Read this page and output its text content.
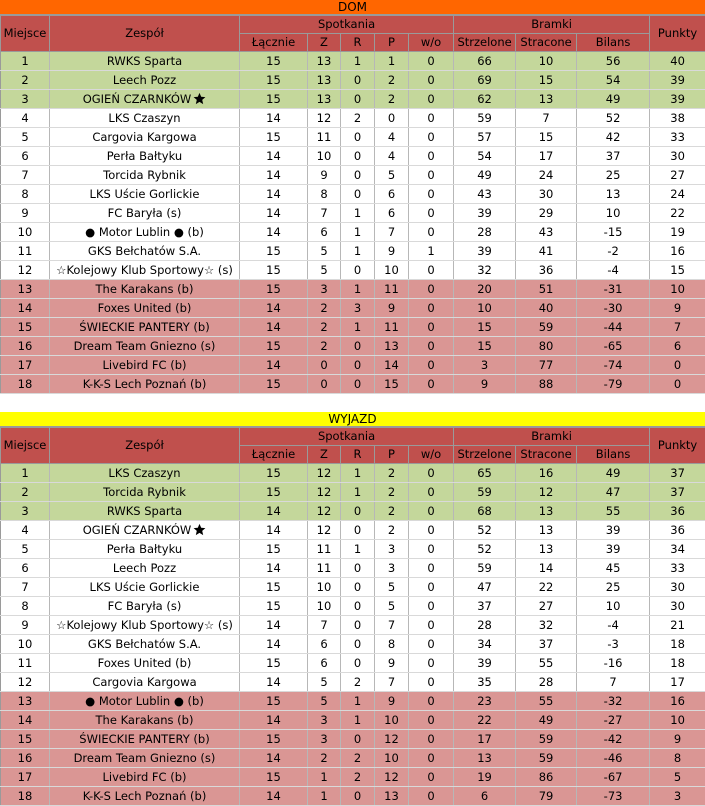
DOM
Miejsce	Zespół	Spotkania					Bramki			Punkty
		Łącznie	Z	R	P	w/o	Strzelone	Stracone	Bilans	
1	RWKS Sparta	15	13	1	1	0	66	10	56	40
2	Leech Pozz	15	13	0	2	0	69	15	54	39
3	OGIEŃ CZARNKÓW	15	13	0	2	0	62	13	49	39
4	LKS Czaszyn	14	12	2	0	0	59	7	52	38
5	Cargovia Kargowa	15	11	0	4	0	57	15	42	33
6	Perła Bałtyku	14	10	0	4	0	54	17	37	30
7	Torcida Rybnik	14	9	0	5	0	49	24	25	27
8	LKS Uście Gorlickie	14	8	0	6	0	43	30	13	24
9	FC Baryła (s)	14	7	1	6	0	39	29	10	22
10	● Motor Lublin ● (b)	14	6	1	7	0	28	43	-15	19
11	GKS Bełchatów S.A.	15	5	1	9	1	39	41	-2	16
12	☆Kolejowy Klub Sportowy☆ (s)	15	5	0	10	0	32	36	-4	15
13	The Karakans (b)	15	3	1	11	0	20	51	-31	10
14	Foxes United (b)	14	2	3	9	0	10	40	-30	9
15	ŚWIECKIE PANTERY (b)	14	2	1	11	0	15	59	-44	7
16	Dream Team Gniezno (s)	15	2	0	13	0	15	80	-65	6
17	Livebird FC (b)	14	0	0	14	0	3	77	-74	0
18	K-K-S Lech Poznań (b)	15	0	0	15	0	9	88	-79	0
WYJAZD
Miejsce	Zespół	Spotkania					Bramki			Punkty
		Łącznie	Z	R	P	w/o	Strzelone	Stracone	Bilans	
1	LKS Czaszyn	15	12	1	2	0	65	16	49	37
2	Torcida Rybnik	15	12	1	2	0	59	12	47	37
3	RWKS Sparta	14	12	0	2	0	68	13	55	36
4	OGIEŃ CZARNKÓW	14	12	0	2	0	52	13	39	36
5	Perła Bałtyku	15	11	1	3	0	52	13	39	34
6	Leech Pozz	14	11	0	3	0	59	14	45	33
7	LKS Uście Gorlickie	15	10	0	5	0	47	22	25	30
8	FC Baryła (s)	15	10	0	5	0	37	27	10	30
9	☆Kolejowy Klub Sportowy☆ (s)	14	7	0	7	0	28	32	-4	21
10	GKS Bełchatów S.A.	14	6	0	8	0	34	37	-3	18
11	Foxes United (b)	15	6	0	9	0	39	55	-16	18
12	Cargovia Kargowa	14	5	2	7	0	35	28	7	17
13	● Motor Lublin ● (b)	15	5	1	9	0	23	55	-32	16
14	The Karakans (b)	14	3	1	10	0	22	49	-27	10
15	ŚWIECKIE PANTERY (b)	15	3	0	12	0	17	59	-42	9
16	Dream Team Gniezno (s)	14	2	2	10	0	13	59	-46	8
17	Livebird FC (b)	15	1	2	12	0	19	86	-67	5
18	K-K-S Lech Poznań (b)	14	1	0	13	0	6	79	-73	3
